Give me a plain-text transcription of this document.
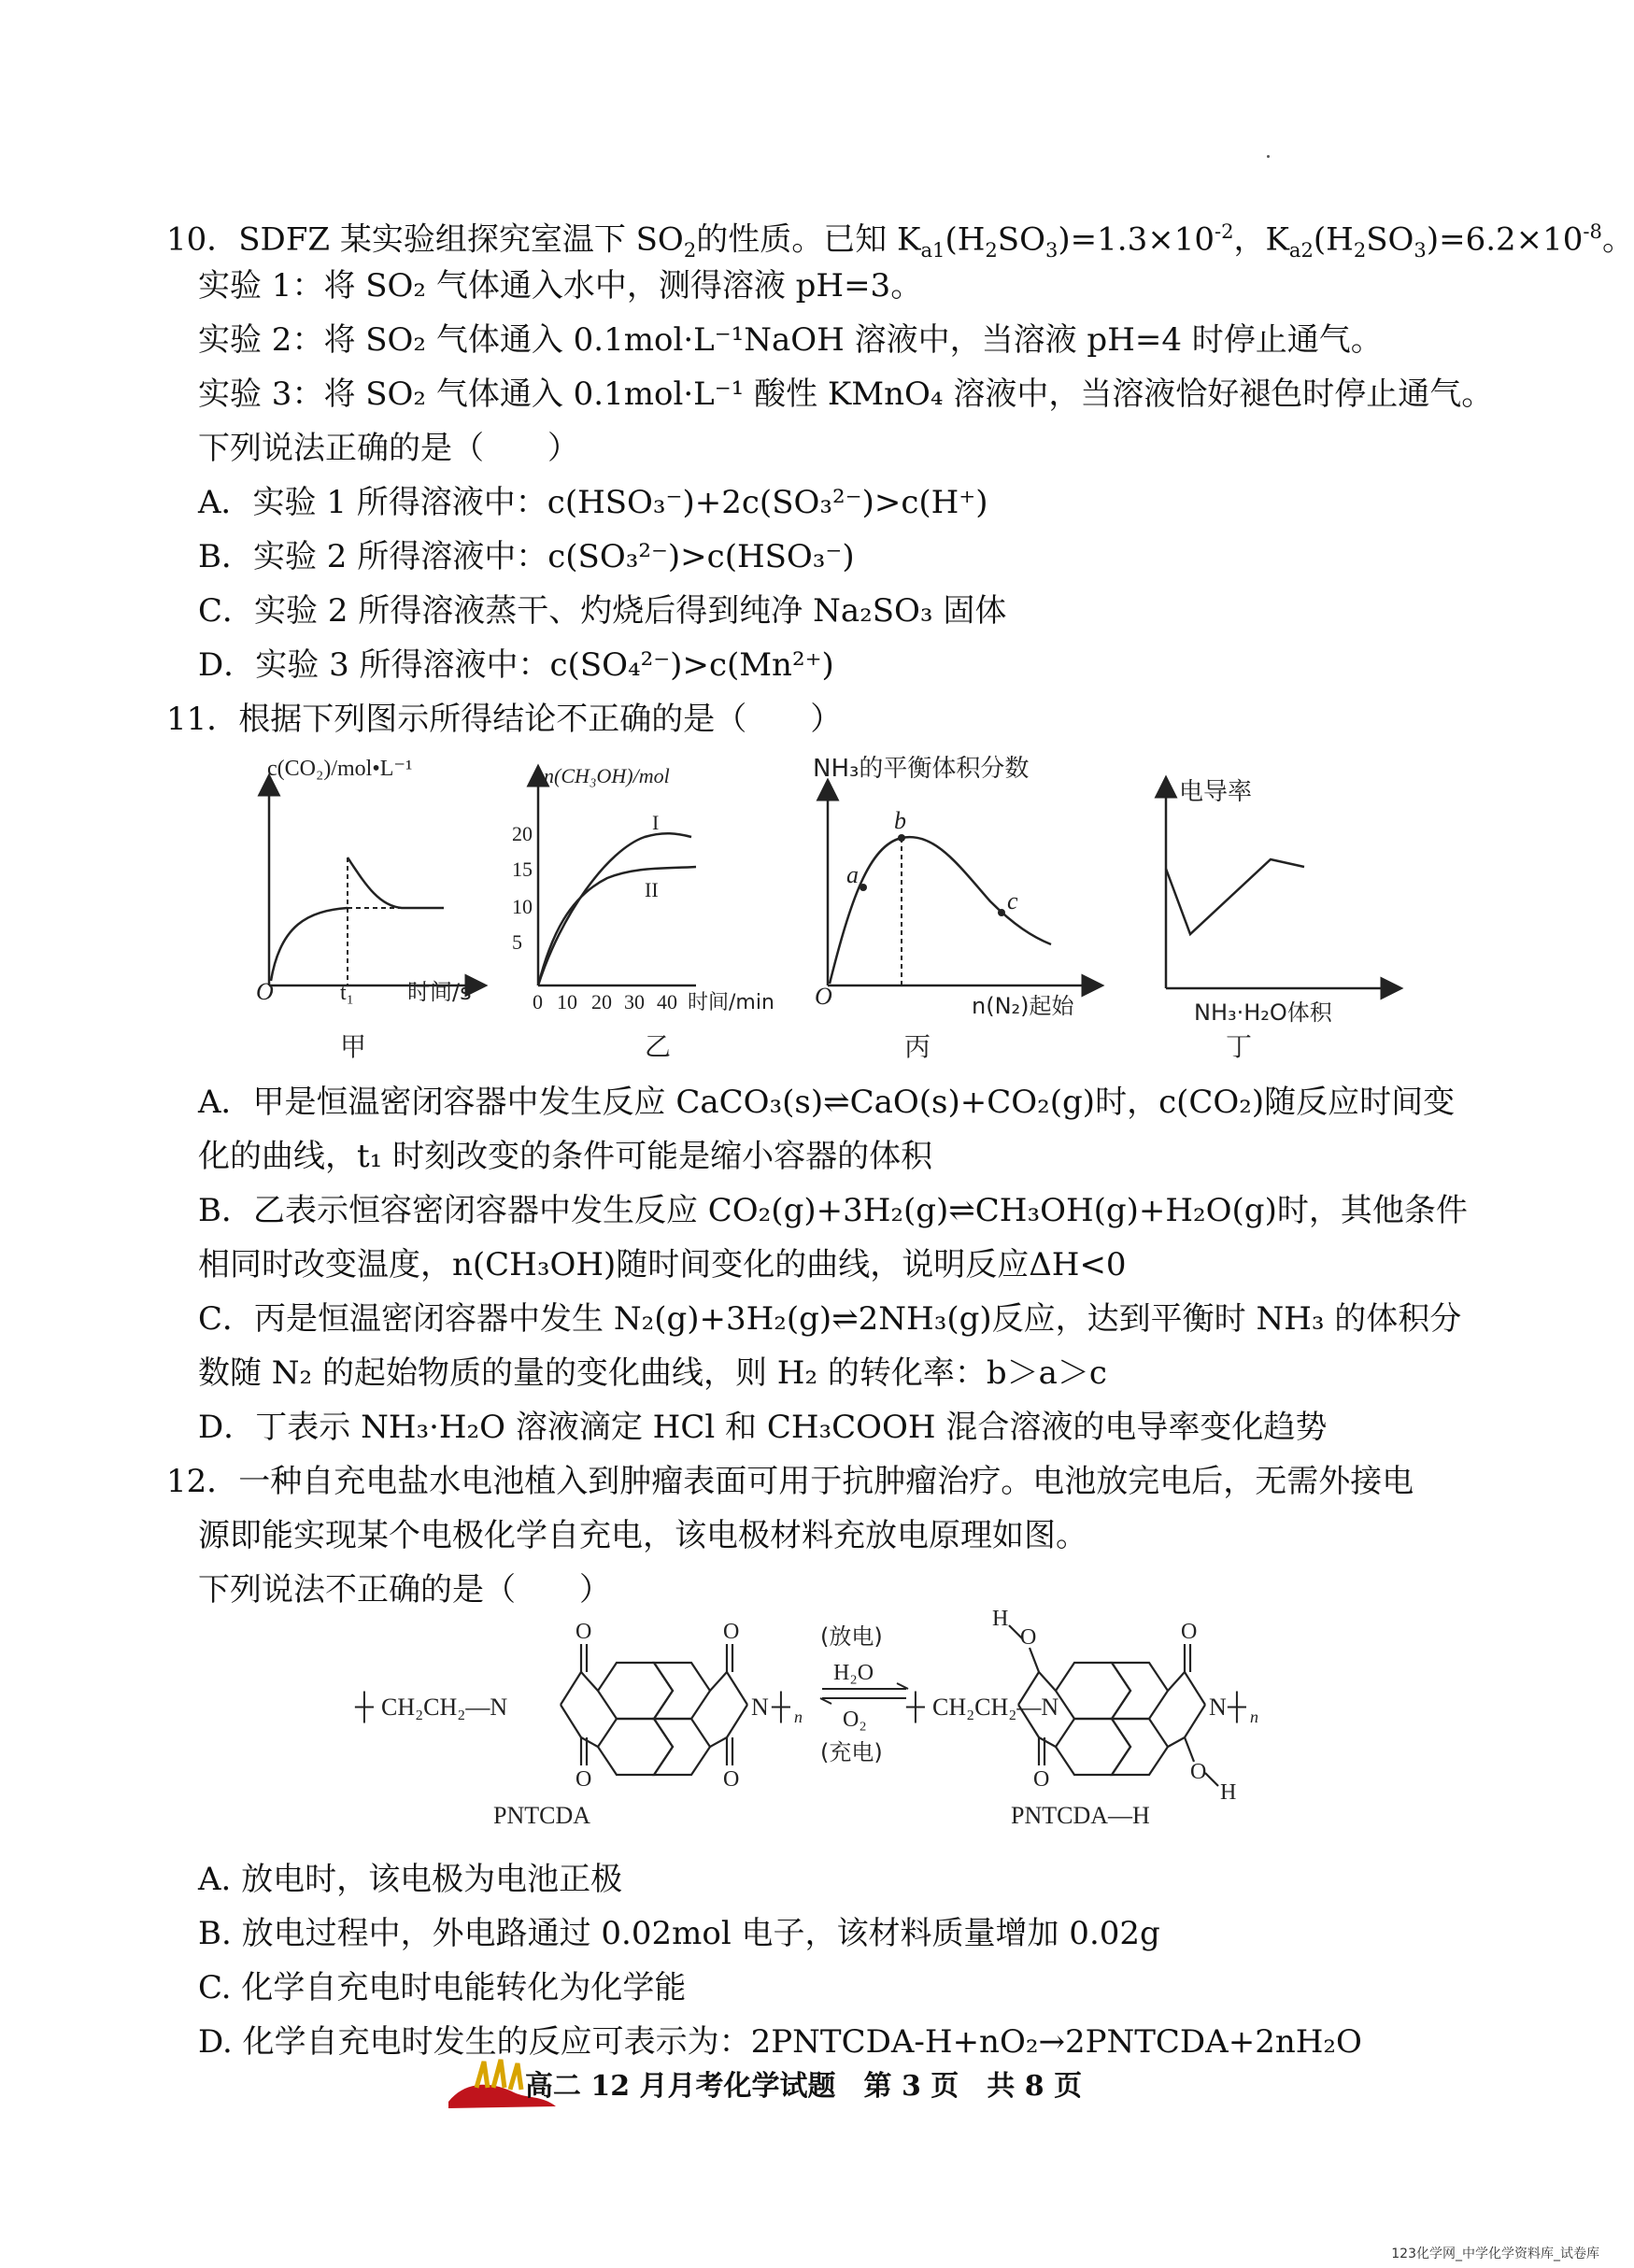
10．SDFZ 某实验组探究室温下 $SO_2$的性质。已知 $K_{a1}(H_2SO_3)=1.3\times 10^{-2}$，$K_{a2}(H_2SO_3)=6.2\times 10^{-8}$。
实验 1：将 SO₂ 气体通入水中，测得溶液 pH=3。
实验 2：将 SO₂ 气体通入 0.1mol·L⁻¹NaOH 溶液中，当溶液 pH=4 时停止通气。
实验 3：将 SO₂ 气体通入 0.1mol·L⁻¹ 酸性 KMnO₄ 溶液中，当溶液恰好褪色时停止通气。
下列说法正确的是（　　）
A．实验 1 所得溶液中：c(HSO₃⁻)+2c(SO₃²⁻)>c(H⁺)
B．实验 2 所得溶液中：c(SO₃²⁻)>c(HSO₃⁻)
C．实验 2 所得溶液蒸干、灼烧后得到纯净 Na₂SO₃ 固体
D．实验 3 所得溶液中：c(SO₄²⁻)>c(Mn²⁺)
11．根据下列图示所得结论不正确的是（　　）
c(CO₂)/mol•L⁻¹
O	t₁ 时间/s
甲
n(CH₃OH)/mol
20
15
10
5
0 10 20 30 40 时间/min
I
II
乙
NH₃的平衡体积分数
O	n(N₂)起始
a
b
c
丙
电导率
NH₃·H₂O体积
丁
A．甲是恒温密闭容器中发生反应 CaCO₃(s)⇌CaO(s)+CO₂(g)时，c(CO₂)随反应时间变
化的曲线，t₁ 时刻改变的条件可能是缩小容器的体积
B．乙表示恒容密闭容器中发生反应 CO₂(g)+3H₂(g)⇌CH₃OH(g)+H₂O(g)时，其他条件
相同时改变温度，n(CH₃OH)随时间变化的曲线，说明反应ΔH<0
C．丙是恒温密闭容器中发生 N₂(g)+3H₂(g)⇌2NH₃(g)反应，达到平衡时 NH₃ 的体积分
数随 N₂ 的起始物质的量的变化曲线，则 H₂ 的转化率：b＞a＞c
D．丁表示 NH₃·H₂O 溶液滴定 HCl 和 CH₃COOH 混合溶液的电导率变化趋势
12．一种自充电盐水电池植入到肿瘤表面可用于抗肿瘤治疗。电池放完电后，无需外接电
源即能实现某个电极化学自充电，该电极材料充放电原理如图。
下列说法不正确的是（　　）
┼ CH₂CH₂—N
O	O
O	O
N ┼ n
PNTCDA
(放电)
H₂O
O₂
(充电)
┼ CH₂CH₂—N
H
O	O
O	O
H
N ┼ n
PNTCDA—H
A. 放电时，该电极为电池正极
B. 放电过程中，外电路通过 0.02mol 电子，该材料质量增加 0.02g
C. 化学自充电时电能转化为化学能
D. 化学自充电时发生的反应可表示为：2PNTCDA-H+nO₂→2PNTCDA+2nH₂O
高二 12 月月考化学试题　第 3 页　共 8 页
123化学网_中学化学资料库_试卷库
